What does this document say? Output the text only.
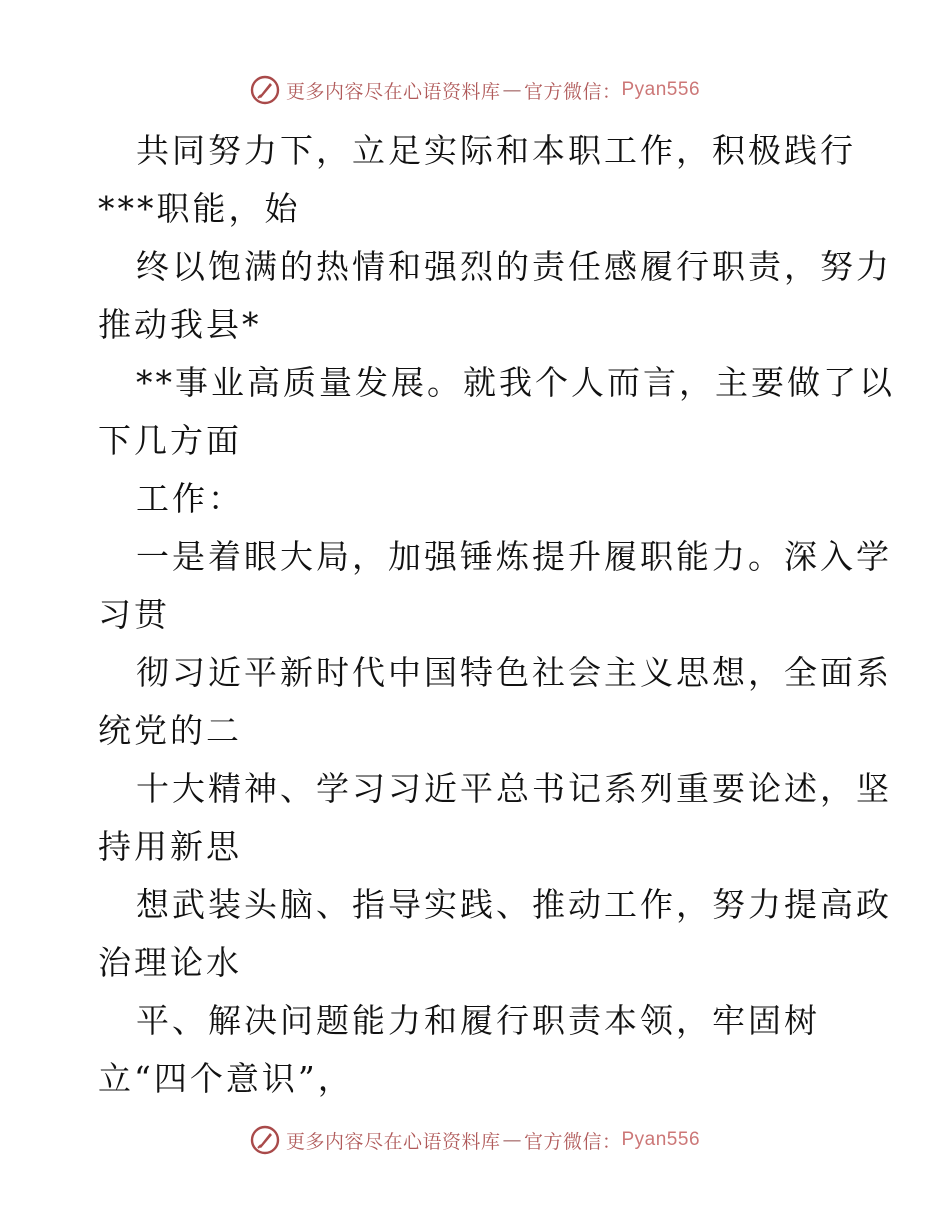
更多内容尽在心语资料库 — 官方微信： Pyan556
共同努力下，立足实际和本职工作，积极践行
***职能，始
终以饱满的热情和强烈的责任感履行职责，努力
推动我县*
**事业高质量发展。就我个人而言，主要做了以
下几方面
工作：
一是着眼大局，加强锤炼提升履职能力。深入学
习贯
彻习近平新时代中国特色社会主义思想，全面系
统党的二
十大精神、学习习近平总书记系列重要论述，坚
持用新思
想武装头脑、指导实践、推动工作，努力提高政
治理论水
平、解决问题能力和履行职责本领，牢固树
立“四个意识”，
更多内容尽在心语资料库 — 官方微信： Pyan556
